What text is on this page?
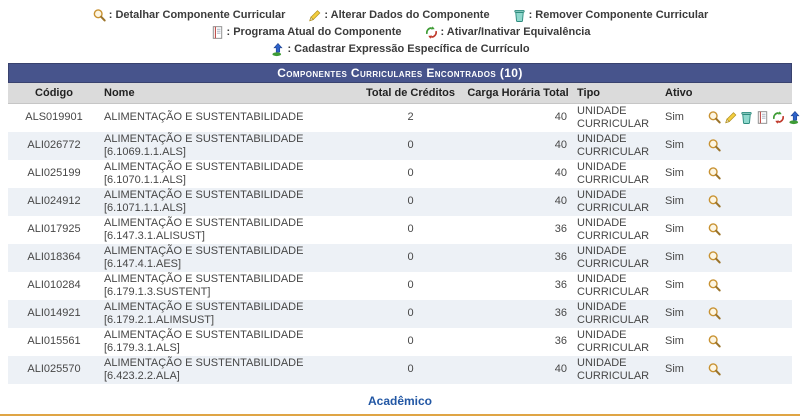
: Detalhar Componente Curricular	: Alterar Dados do Componente	: Remover Componente Curricular
: Programa Atual do Componente	: Ativar/Inativar Equivalência
: Cadastrar Expressão Específica de Currículo
Componentes Curriculares Encontrados (10)
Código	Nome	Total de Créditos	Carga Horária Total	Tipo	Ativo	
ALS019901	ALIMENTAÇÃO E SUSTENTABILIDADE	2	40	UNIDADE CURRICULAR	Sim	

ALI026772	ALIMENTAÇÃO E SUSTENTABILIDADE
[6.1069.1.1.ALS]	0	40	UNIDADE CURRICULAR	Sim	

ALI025199	ALIMENTAÇÃO E SUSTENTABILIDADE
[6.1070.1.1.ALS]	0	40	UNIDADE CURRICULAR	Sim	

ALI024912	ALIMENTAÇÃO E SUSTENTABILIDADE
[6.1071.1.1.ALS]	0	40	UNIDADE CURRICULAR	Sim	

ALI017925	ALIMENTAÇÃO E SUSTENTABILIDADE
[6.147.3.1.ALISUST]	0	36	UNIDADE CURRICULAR	Sim	

ALI018364	ALIMENTAÇÃO E SUSTENTABILIDADE
[6.147.4.1.AES]	0	36	UNIDADE CURRICULAR	Sim	

ALI010284	ALIMENTAÇÃO E SUSTENTABILIDADE
[6.179.1.3.SUSTENT]	0	36	UNIDADE CURRICULAR	Sim	

ALI014921	ALIMENTAÇÃO E SUSTENTABILIDADE
[6.179.2.1.ALIMSUST]	0	36	UNIDADE CURRICULAR	Sim	

ALI015561	ALIMENTAÇÃO E SUSTENTABILIDADE
[6.179.3.1.ALS]	0	36	UNIDADE CURRICULAR	Sim	

ALI025570	ALIMENTAÇÃO E SUSTENTABILIDADE
[6.423.2.2.ALA]	0	40	UNIDADE CURRICULAR	Sim	
Acadêmico
